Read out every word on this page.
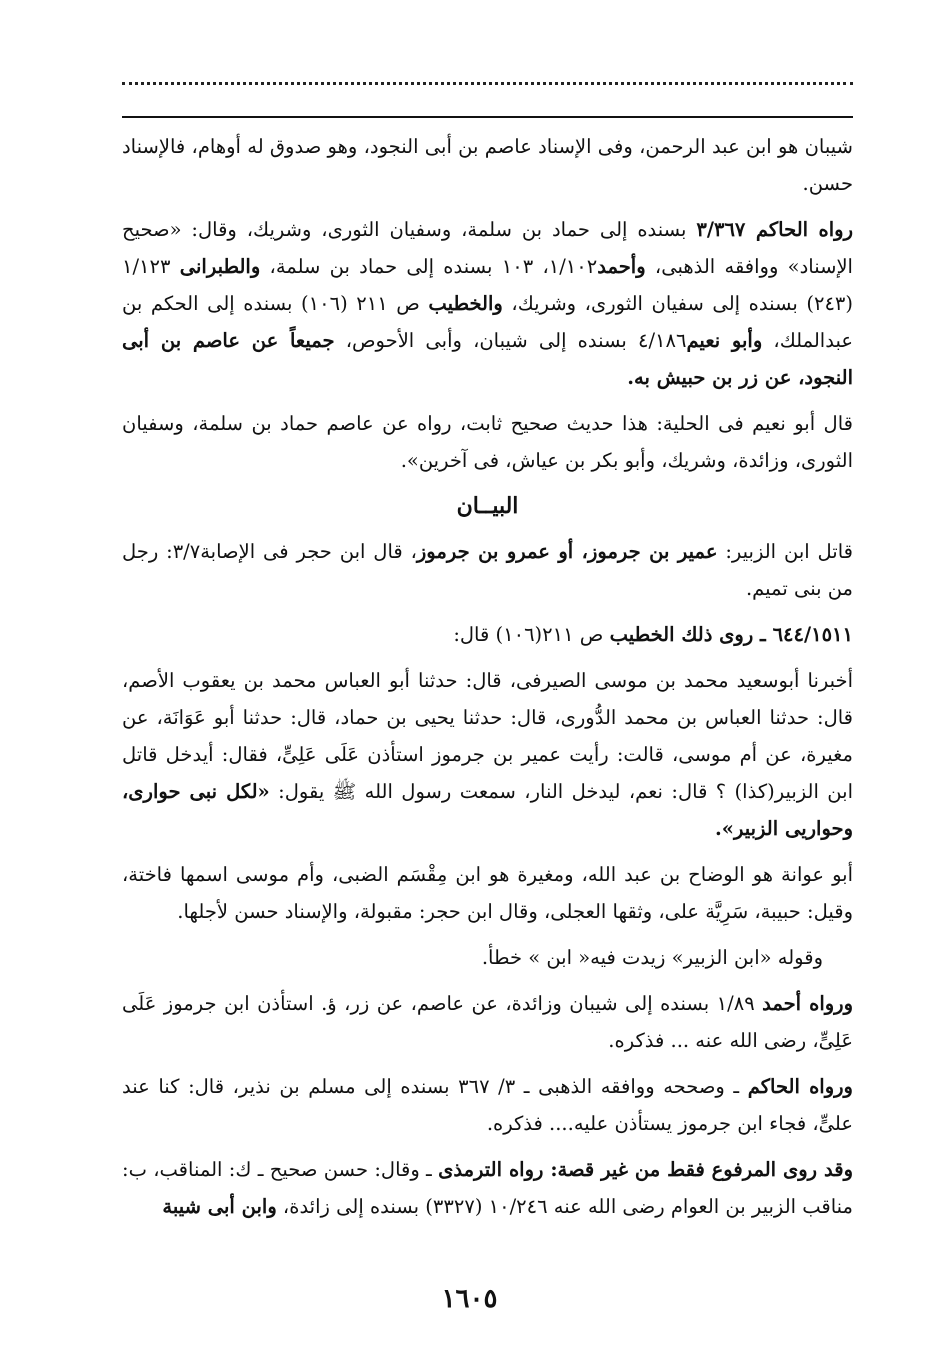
شيبان هو ابن عبد الرحمن، وفى الإسناد عاصم بن أبى النجود، وهو صدوق له أوهام، فالإسناد حسن.

رواه الحاكم ٣/٣٦٧ بسنده إلى حماد بن سلمة، وسفيان الثورى، وشريك، وقال: «صحيح الإسناد» ووافقه الذهبى، وأحمد١/١٠٢، ١٠٣ بسنده إلى حماد بن سلمة، والطبرانى ١/١٢٣ (٢٤٣) بسنده إلى سفيان الثورى، وشريك، والخطيب ص ٢١١ (١٠٦) بسنده إلى الحكم بن عبدالملك، وأبو نعيم٤/١٨٦ بسنده إلى شيبان، وأبى الأحوص، جميعاً عن عاصم بن أبى النجود، عن زر بن حبيش به.

قال أبو نعيم فى الحلية: هذا حديث صحيح ثابت، رواه عن عاصم حماد بن سلمة، وسفيان الثورى، وزائدة، وشريك، وأبو بكر بن عياش، فى آخرين».

البيــان

قاتل ابن الزبير: عمير بن جرموز، أو عمرو بن جرموز، قال ابن حجر فى الإصابة٣/٧: رجل من بنى تميم.

٦٤٤/١٥١١ ـ روى ذلك الخطيب ص ٢١١(١٠٦) قال:

أخبرنا أبوسعيد محمد بن موسى الصيرفى، قال: حدثنا أبو العباس محمد بن يعقوب الأصم، قال: حدثنا العباس بن محمد الدُّورى، قال: حدثنا يحيى بن حماد، قال: حدثنا أبو عَوَانَة، عن مغيرة، عن أم موسى، قالت: رأيت عمير بن جرموز استأذن عَلَى عَلِىٍّ، فقال: أيدخل قاتل ابن الزبير(كذا) ؟ قال: نعم، ليدخل النار، سمعت رسول الله ﷺ يقول: «لكل نبى حوارى، وحواريى الزبير».

أبو عوانة هو الوضاح بن عبد الله، ومغيرة هو ابن مِقْسَم الضبى، وأم موسى اسمها فاختة، وقيل: حبيبة، سَرِيَّة على، وثقها العجلى، وقال ابن حجر: مقبولة، والإسناد حسن لأجلها.

وقوله «ابن الزبير» زيدت فيه« ابن » خطأ.

ورواه أحمد ١/٨٩ بسنده إلى شيبان وزائدة، عن عاصم، عن زر، ؤ. استأذن ابن جرموز عَلَى عَلِىٍّ، رضى الله عنه ... فذكره.

ورواه الحاكم ـ وصححه ووافقه الذهبى ـ ٣/ ٣٦٧ بسنده إلى مسلم بن نذير، قال: كنا عند علىٍّ، فجاء ابن جرموز يستأذن عليه.... فذكره.

وقد روى المرفوع فقط من غير قصة: رواه الترمذى ـ وقال: حسن صحيح ـ ك: المناقب، ب: مناقب الزبير بن العوام رضى الله عنه ١٠/٢٤٦ (٣٣٢٧) بسنده إلى زائدة، وابن أبى شيبة

١٦٠٥
